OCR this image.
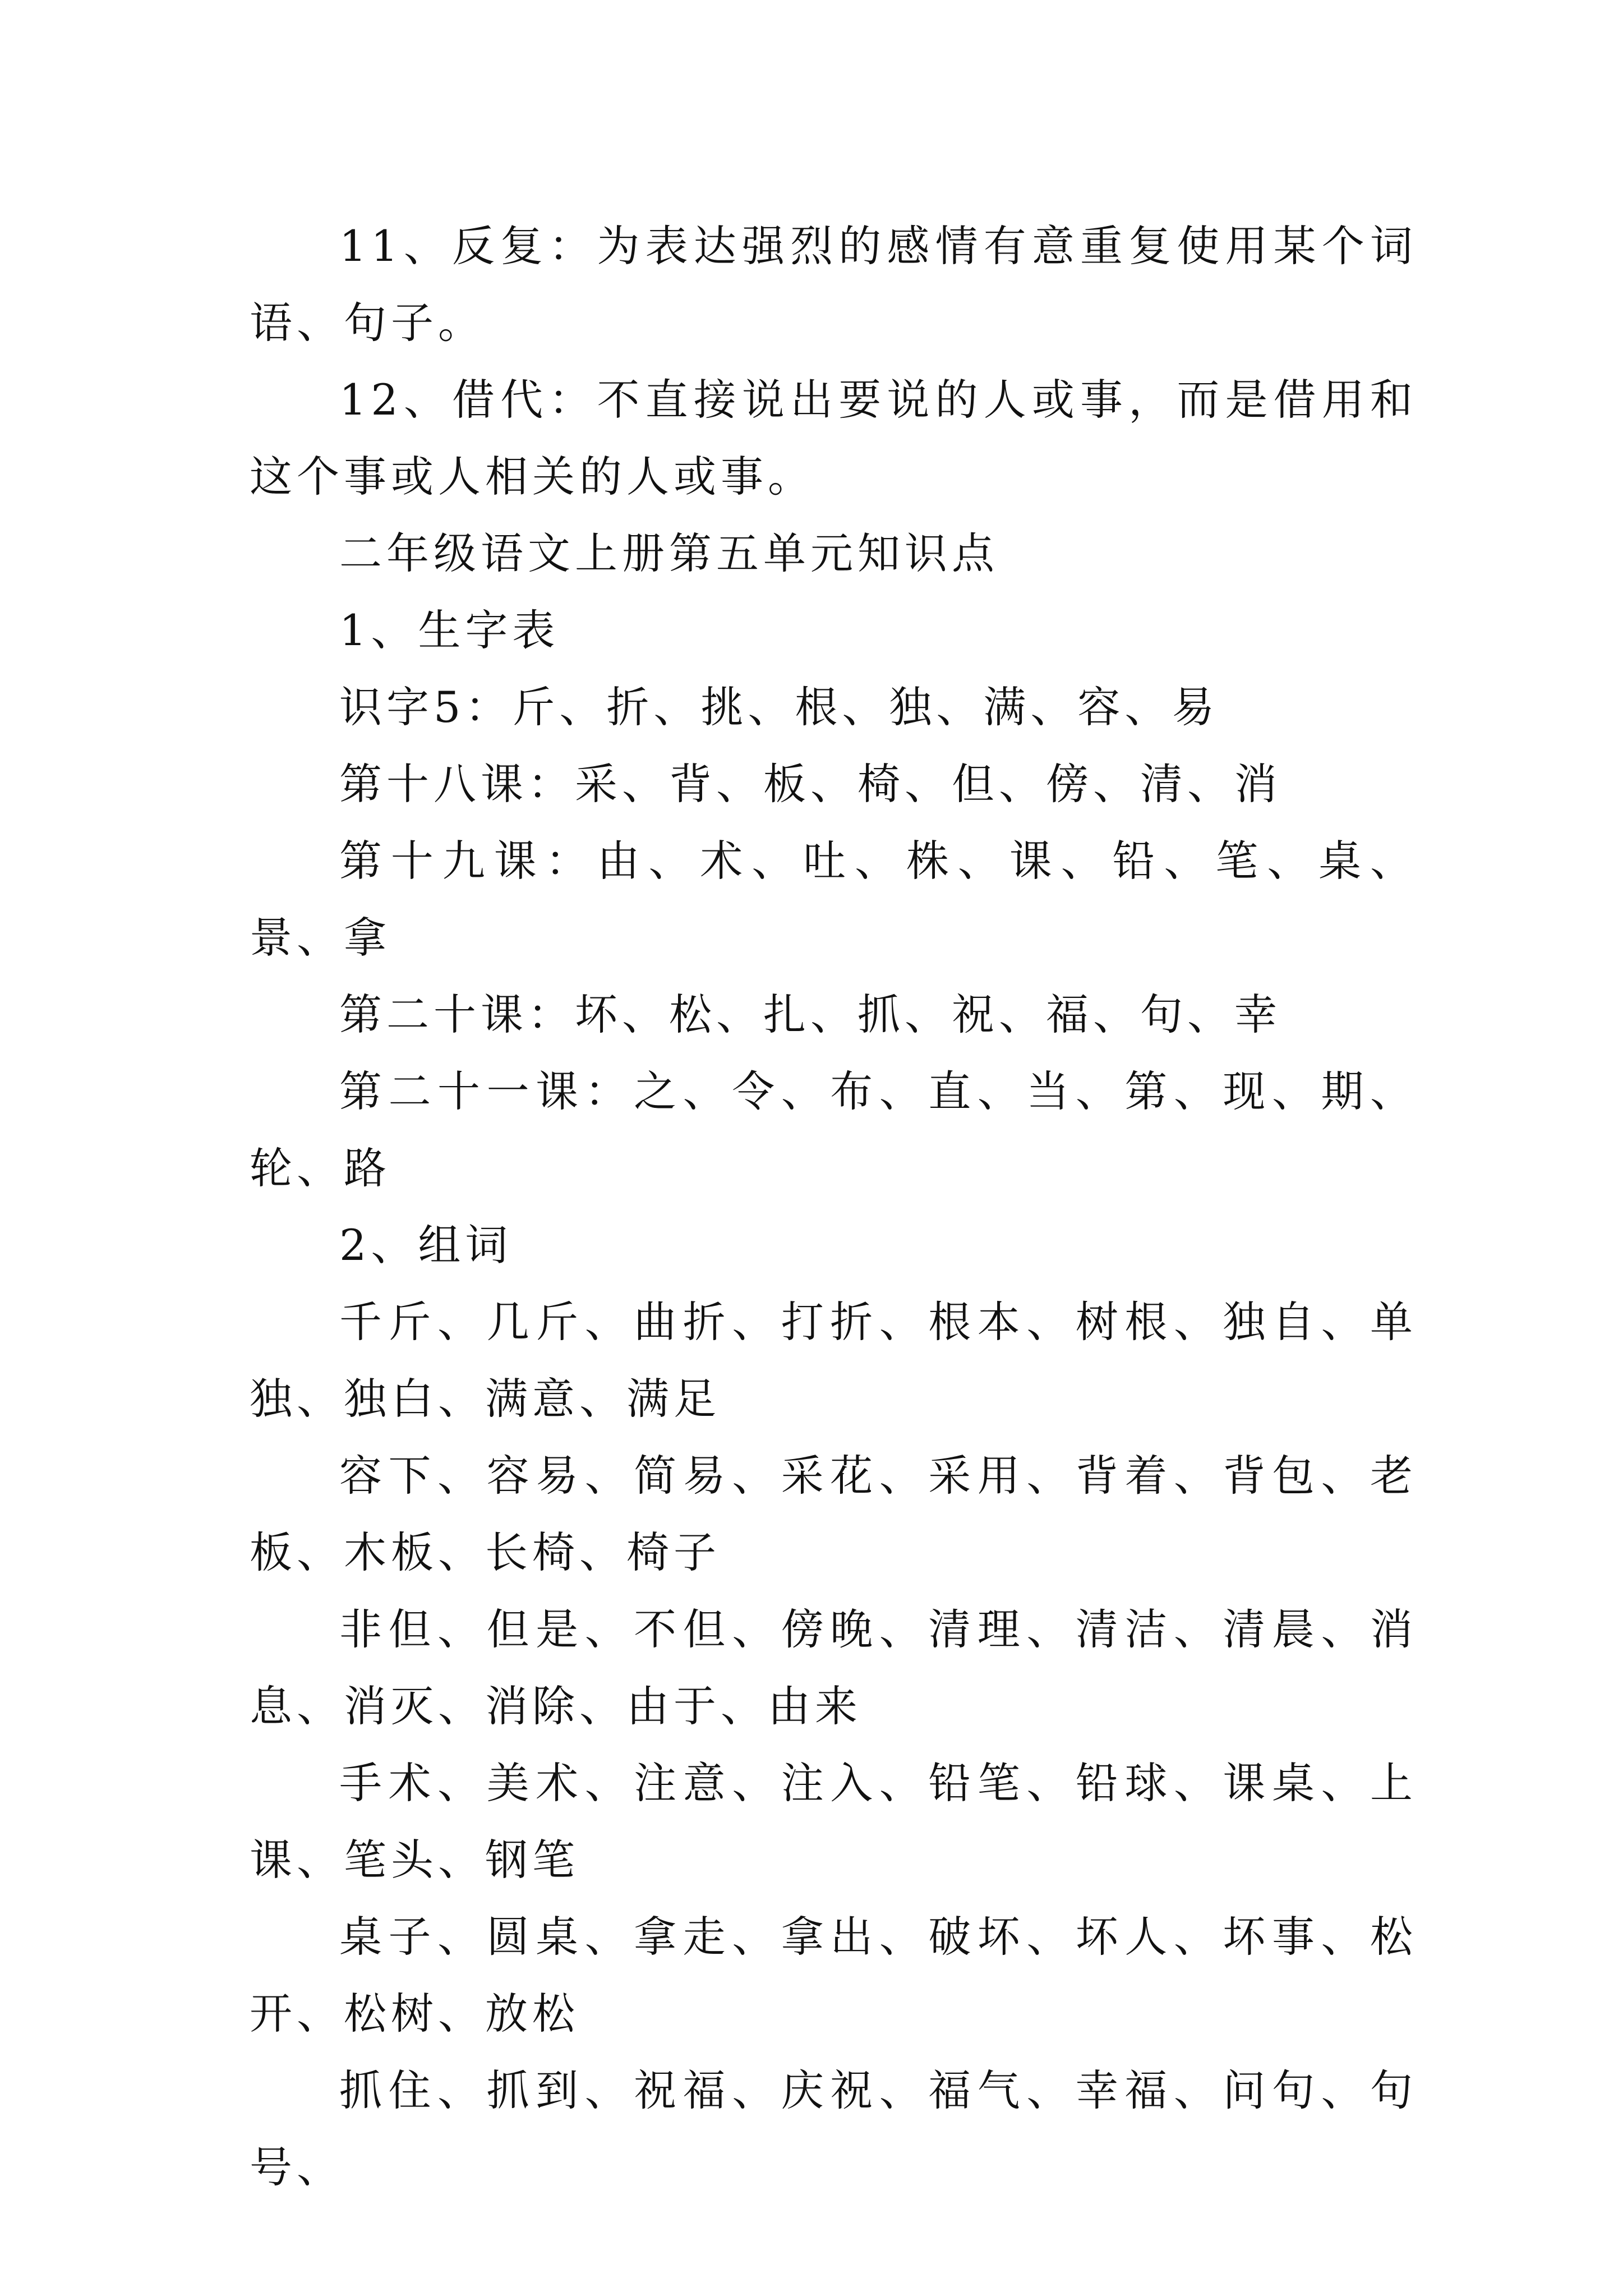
11、反复：为表达强烈的感情有意重复使用某个词语、句子。

12、借代：不直接说出要说的人或事，而是借用和这个事或人相关的人或事。

二年级语文上册第五单元知识点

1、生字表

识字5：斤、折、挑、根、独、满、容、易

第十八课：采、背、板、椅、但、傍、清、消

第十九课：由、术、吐、株、课、铅、笔、桌、景、拿

第二十课：坏、松、扎、抓、祝、福、句、幸

第二十一课：之、令、布、直、当、第、现、期、轮、路

2、组词

千斤、几斤、曲折、打折、根本、树根、独自、单独、独白、满意、满足

容下、容易、简易、采花、采用、背着、背包、老板、木板、长椅、椅子

非但、但是、不但、傍晚、清理、清洁、清晨、消息、消灭、消除、由于、由来

手术、美术、注意、注入、铅笔、铅球、课桌、上课、笔头、钢笔

桌子、圆桌、拿走、拿出、破坏、坏人、坏事、松开、松树、放松

抓住、抓到、祝福、庆祝、福气、幸福、问句、句号、
